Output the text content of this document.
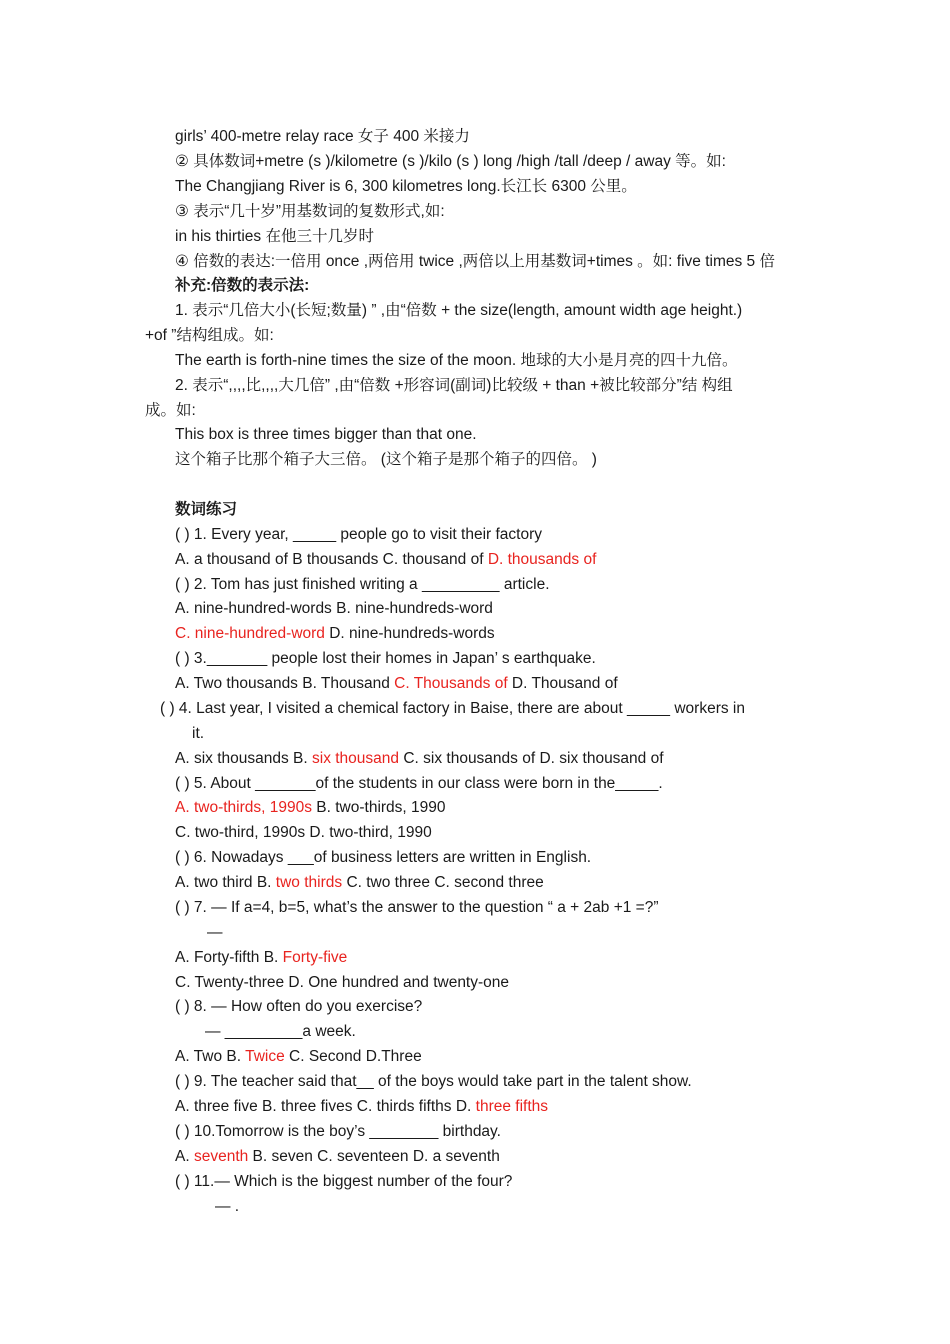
girls’ 400-metre relay race 女子 400 米接力
② 具体数词+metre (s )/kilometre (s )/kilo (s ) long /high /tall /deep / away 等。如:
The Changjiang River is 6, 300 kilometres long.长江长 6300 公里。
③ 表示“几十岁”用基数词的复数形式,如:
in his thirties 在他三十几岁时
④ 倍数的表达:一倍用 once ,两倍用 twice ,两倍以上用基数词+times 。如: five times 5 倍
补充:倍数的表示法:
1. 表示“几倍大小(长短;数量) ” ,由“倍数 + the size(length, amount width age height.)
+of ”结构组成。如:
The earth is forth-nine times the size of the moon. 地球的大小是月亮的四十九倍。
2. 表示“,,,,比,,,,大几倍” ,由“倍数 +形容词(副词)比较级 + than +被比较部分”结 构组
成。如:
This box is three times bigger than that one.
这个箱子比那个箱子大三倍。 (这个箱子是那个箱子的四倍。 )
数词练习
( ) 1. Every year, _____ people go to visit their factory
A. a thousand of B thousands C. thousand of D. thousands of
( ) 2. Tom has just finished writing a _________ article.
A. nine-hundred-words B. nine-hundreds-word
C. nine-hundred-word D. nine-hundreds-words
( ) 3._______ people lost their homes in Japan’ s earthquake.
A. Two thousands B. Thousand C. Thousands of D. Thousand of
( ) 4. Last year, I visited a chemical factory in Baise, there are about _____ workers in
it.
A. six thousands B. six thousand C. six thousands of D. six thousand of
( ) 5. About _______of the students in our class were born in the_____.
A. two-thirds, 1990s B. two-thirds, 1990
C. two-third, 1990s D. two-third, 1990
( ) 6. Nowadays ___of business letters are written in English.
A. two third B. two thirds C. two three C. second three
( ) 7. — If a=4, b=5, what’s the answer to the question “ a + 2ab +1 =?”
—
A. Forty-fifth B. Forty-five
C. Twenty-three D. One hundred and twenty-one
( ) 8. — How often do you exercise?
— _________a week.
A. Two B. Twice C. Second D.Three
( ) 9. The teacher said that__ of the boys would take part in the talent show.
A. three five B. three fives C. thirds fifths D. three fifths
( ) 10.Tomorrow is the boy’s ________ birthday.
A. seventh B. seven C. seventeen D. a seventh
( ) 11.— Which is the biggest number of the four?
— .
